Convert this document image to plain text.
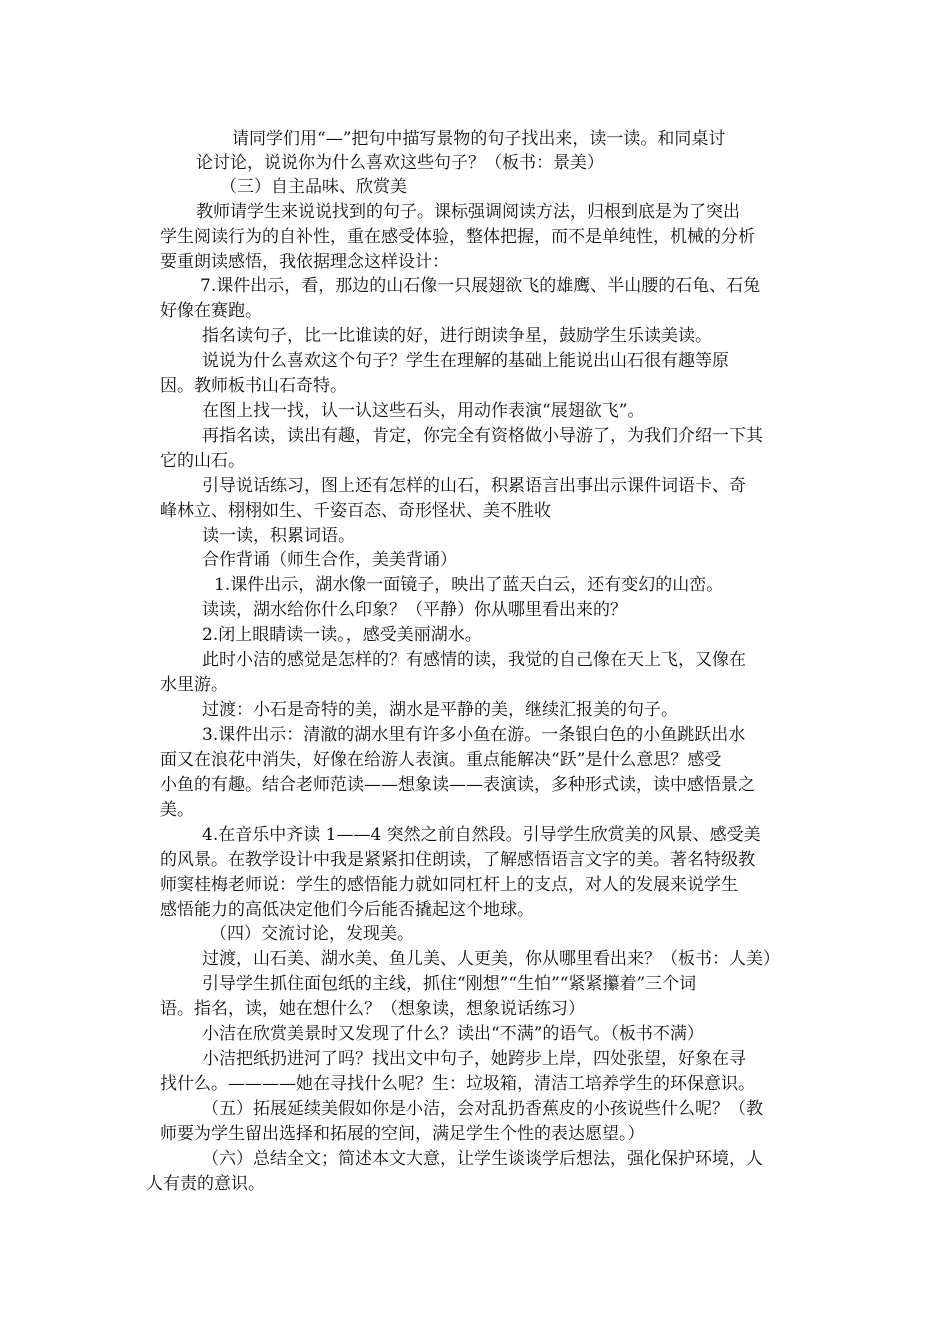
请同学们用“—”把句中描写景物的句子找出来，读一读。和同桌讨
论讨论，说说你为什么喜欢这些句子？（板书：景美）
（三）自主品味、欣赏美
教师请学生来说说找到的句子。课标强调阅读方法，归根到底是为了突出
学生阅读行为的自补性，重在感受体验，整体把握，而不是单纯性，机械的分析
要重朗读感悟，我依据理念这样设计：
7.课件出示，看，那边的山石像一只展翅欲飞的雄鹰、半山腰的石龟、石兔
好像在赛跑。
指名读句子，比一比谁读的好，进行朗读争星，鼓励学生乐读美读。
说说为什么喜欢这个句子？学生在理解的基础上能说出山石很有趣等原
因。教师板书山石奇特。
在图上找一找，认一认这些石头，用动作表演“展翅欲飞”。
再指名读，读出有趣，肯定，你完全有资格做小导游了，为我们介绍一下其
它的山石。
引导说话练习，图上还有怎样的山石，积累语言出事出示课件词语卡、奇
峰林立、栩栩如生、千姿百态、奇形怪状、美不胜收
读一读，积累词语。
合作背诵（师生合作，美美背诵）
1.课件出示，湖水像一面镜子，映出了蓝天白云，还有变幻的山峦。
读读，湖水给你什么印象？（平静）你从哪里看出来的？
2.闭上眼睛读一读。，感受美丽湖水。
此时小洁的感觉是怎样的？有感情的读，我觉的自己像在天上飞，又像在
水里游。
过渡：小石是奇特的美，湖水是平静的美，继续汇报美的句子。
3.课件出示：清澈的湖水里有许多小鱼在游。一条银白色的小鱼跳跃出水
面又在浪花中消失，好像在给游人表演。重点能解决“跃”是什么意思？感受
小鱼的有趣。结合老师范读——想象读——表演读，多种形式读，读中感悟景之
美。
4.在音乐中齐读 1——4 突然之前自然段。引导学生欣赏美的风景、感受美
的风景。在教学设计中我是紧紧扣住朗读，了解感悟语言文字的美。著名特级教
师窦桂梅老师说：学生的感悟能力就如同杠杆上的支点，对人的发展来说学生
感悟能力的高低决定他们今后能否撬起这个地球。
（四）交流讨论，发现美。
过渡，山石美、湖水美、鱼儿美、人更美，你从哪里看出来？（板书：人美）
引导学生抓住面包纸的主线，抓住“刚想”“生怕”“紧紧攥着”三个词
语。指名，读，她在想什么？（想象读，想象说话练习）
小洁在欣赏美景时又发现了什么？读出“不满”的语气。（板书不满）
小洁把纸扔进河了吗？找出文中句子，她跨步上岸，四处张望，好象在寻
找什么。————她在寻找什么呢？生：垃圾箱，清洁工培养学生的环保意识。
（五）拓展延续美假如你是小洁，会对乱扔香蕉皮的小孩说些什么呢？（教
师要为学生留出选择和拓展的空间，满足学生个性的表达愿望。）
（六）总结全文；简述本文大意，让学生谈谈学后想法，强化保护环境，人
人有责的意识。
